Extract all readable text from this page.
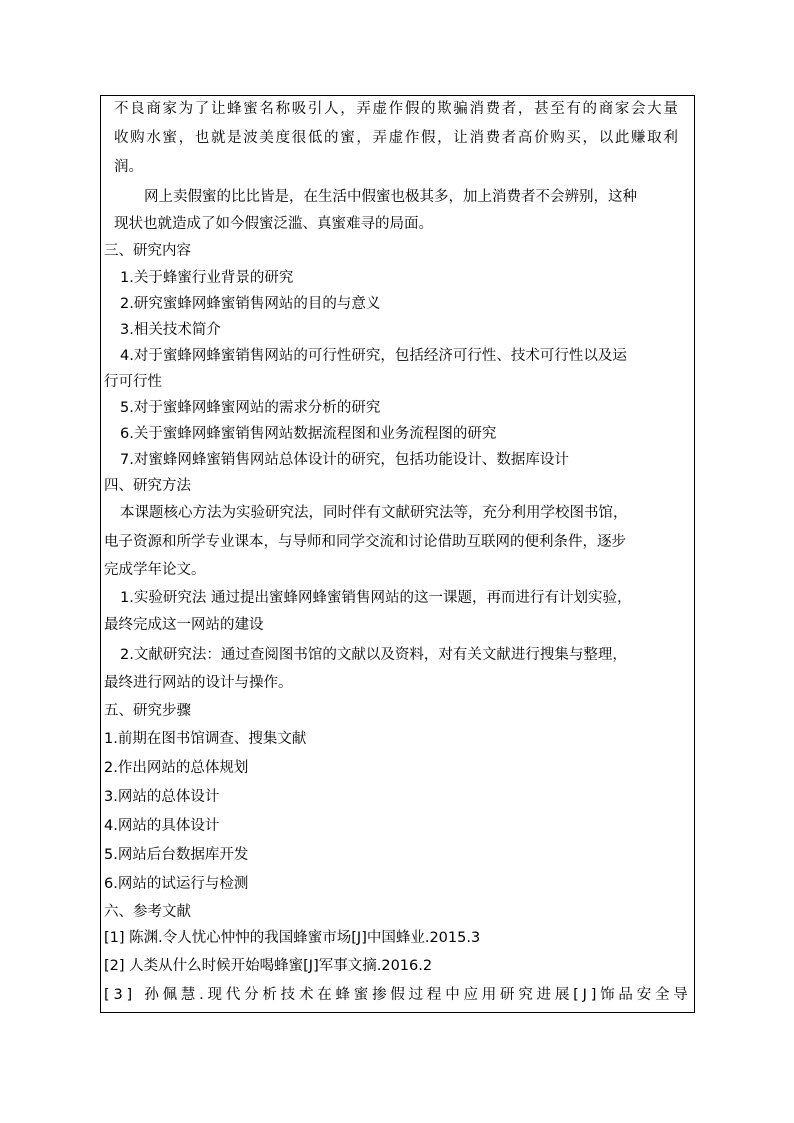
不 良 商 家 为 了 让 蜂 蜜 名 称 吸 引 人 ， 弄 虚 作 假 的 欺 骗 消 费 者 ， 甚 至 有 的 商 家 会 大 量
收 购 水 蜜 ， 也 就 是 波 美 度 很 低 的 蜜 ， 弄 虚 作 假 ， 让 消 费 者 高 价 购 买 ， 以 此 赚 取 利
润。
网上卖假蜜的比比皆是，在生活中假蜜也极其多，加上消费者不会辨别，这种
现状也就造成了如今假蜜泛滥、真蜜难寻的局面。
三、研究内容
1.关于蜂蜜行业背景的研究
2.研究蜜蜂网蜂蜜销售网站的目的与意义
3.相关技术简介
4.对于蜜蜂网蜂蜜销售网站的可行性研究，包括经济可行性、技术可行性以及运
行可行性
5.对于蜜蜂网蜂蜜网站的需求分析的研究
6.关于蜜蜂网蜂蜜销售网站数据流程图和业务流程图的研究
7.对蜜蜂网蜂蜜销售网站总体设计的研究，包括功能设计、数据库设计
四、研究方法
本课题核心方法为实验研究法，同时伴有文献研究法等，充分利用学校图书馆，
电子资源和所学专业课本，与导师和同学交流和讨论借助互联网的便利条件，逐步
完成学年论文。
1.实验研究法 通过提出蜜蜂网蜂蜜销售网站的这一课题，再而进行有计划实验，
最终完成这一网站的建设
2.文献研究法：通过查阅图书馆的文献以及资料，对有关文献进行搜集与整理，
最终进行网站的设计与操作。
五、研究步骤
1.前期在图书馆调查、搜集文献
2.作出网站的总体规划
3.网站的总体设计
4.网站的具体设计
5.网站后台数据库开发
6.网站的试运行与检测
六、参考文献
[1] 陈渊.令人忧心忡忡的我国蜂蜜市场[J]中国蜂业.2015.3
[2] 人类从什么时候开始喝蜂蜜[J]军事文摘.2016.2
[ 3 ]
孙 佩 慧 . 现 代 分 析 技 术 在 蜂 蜜 掺 假 过 程 中 应 用 研 究 进 展 [ J ] 饰 品 安 全 导
